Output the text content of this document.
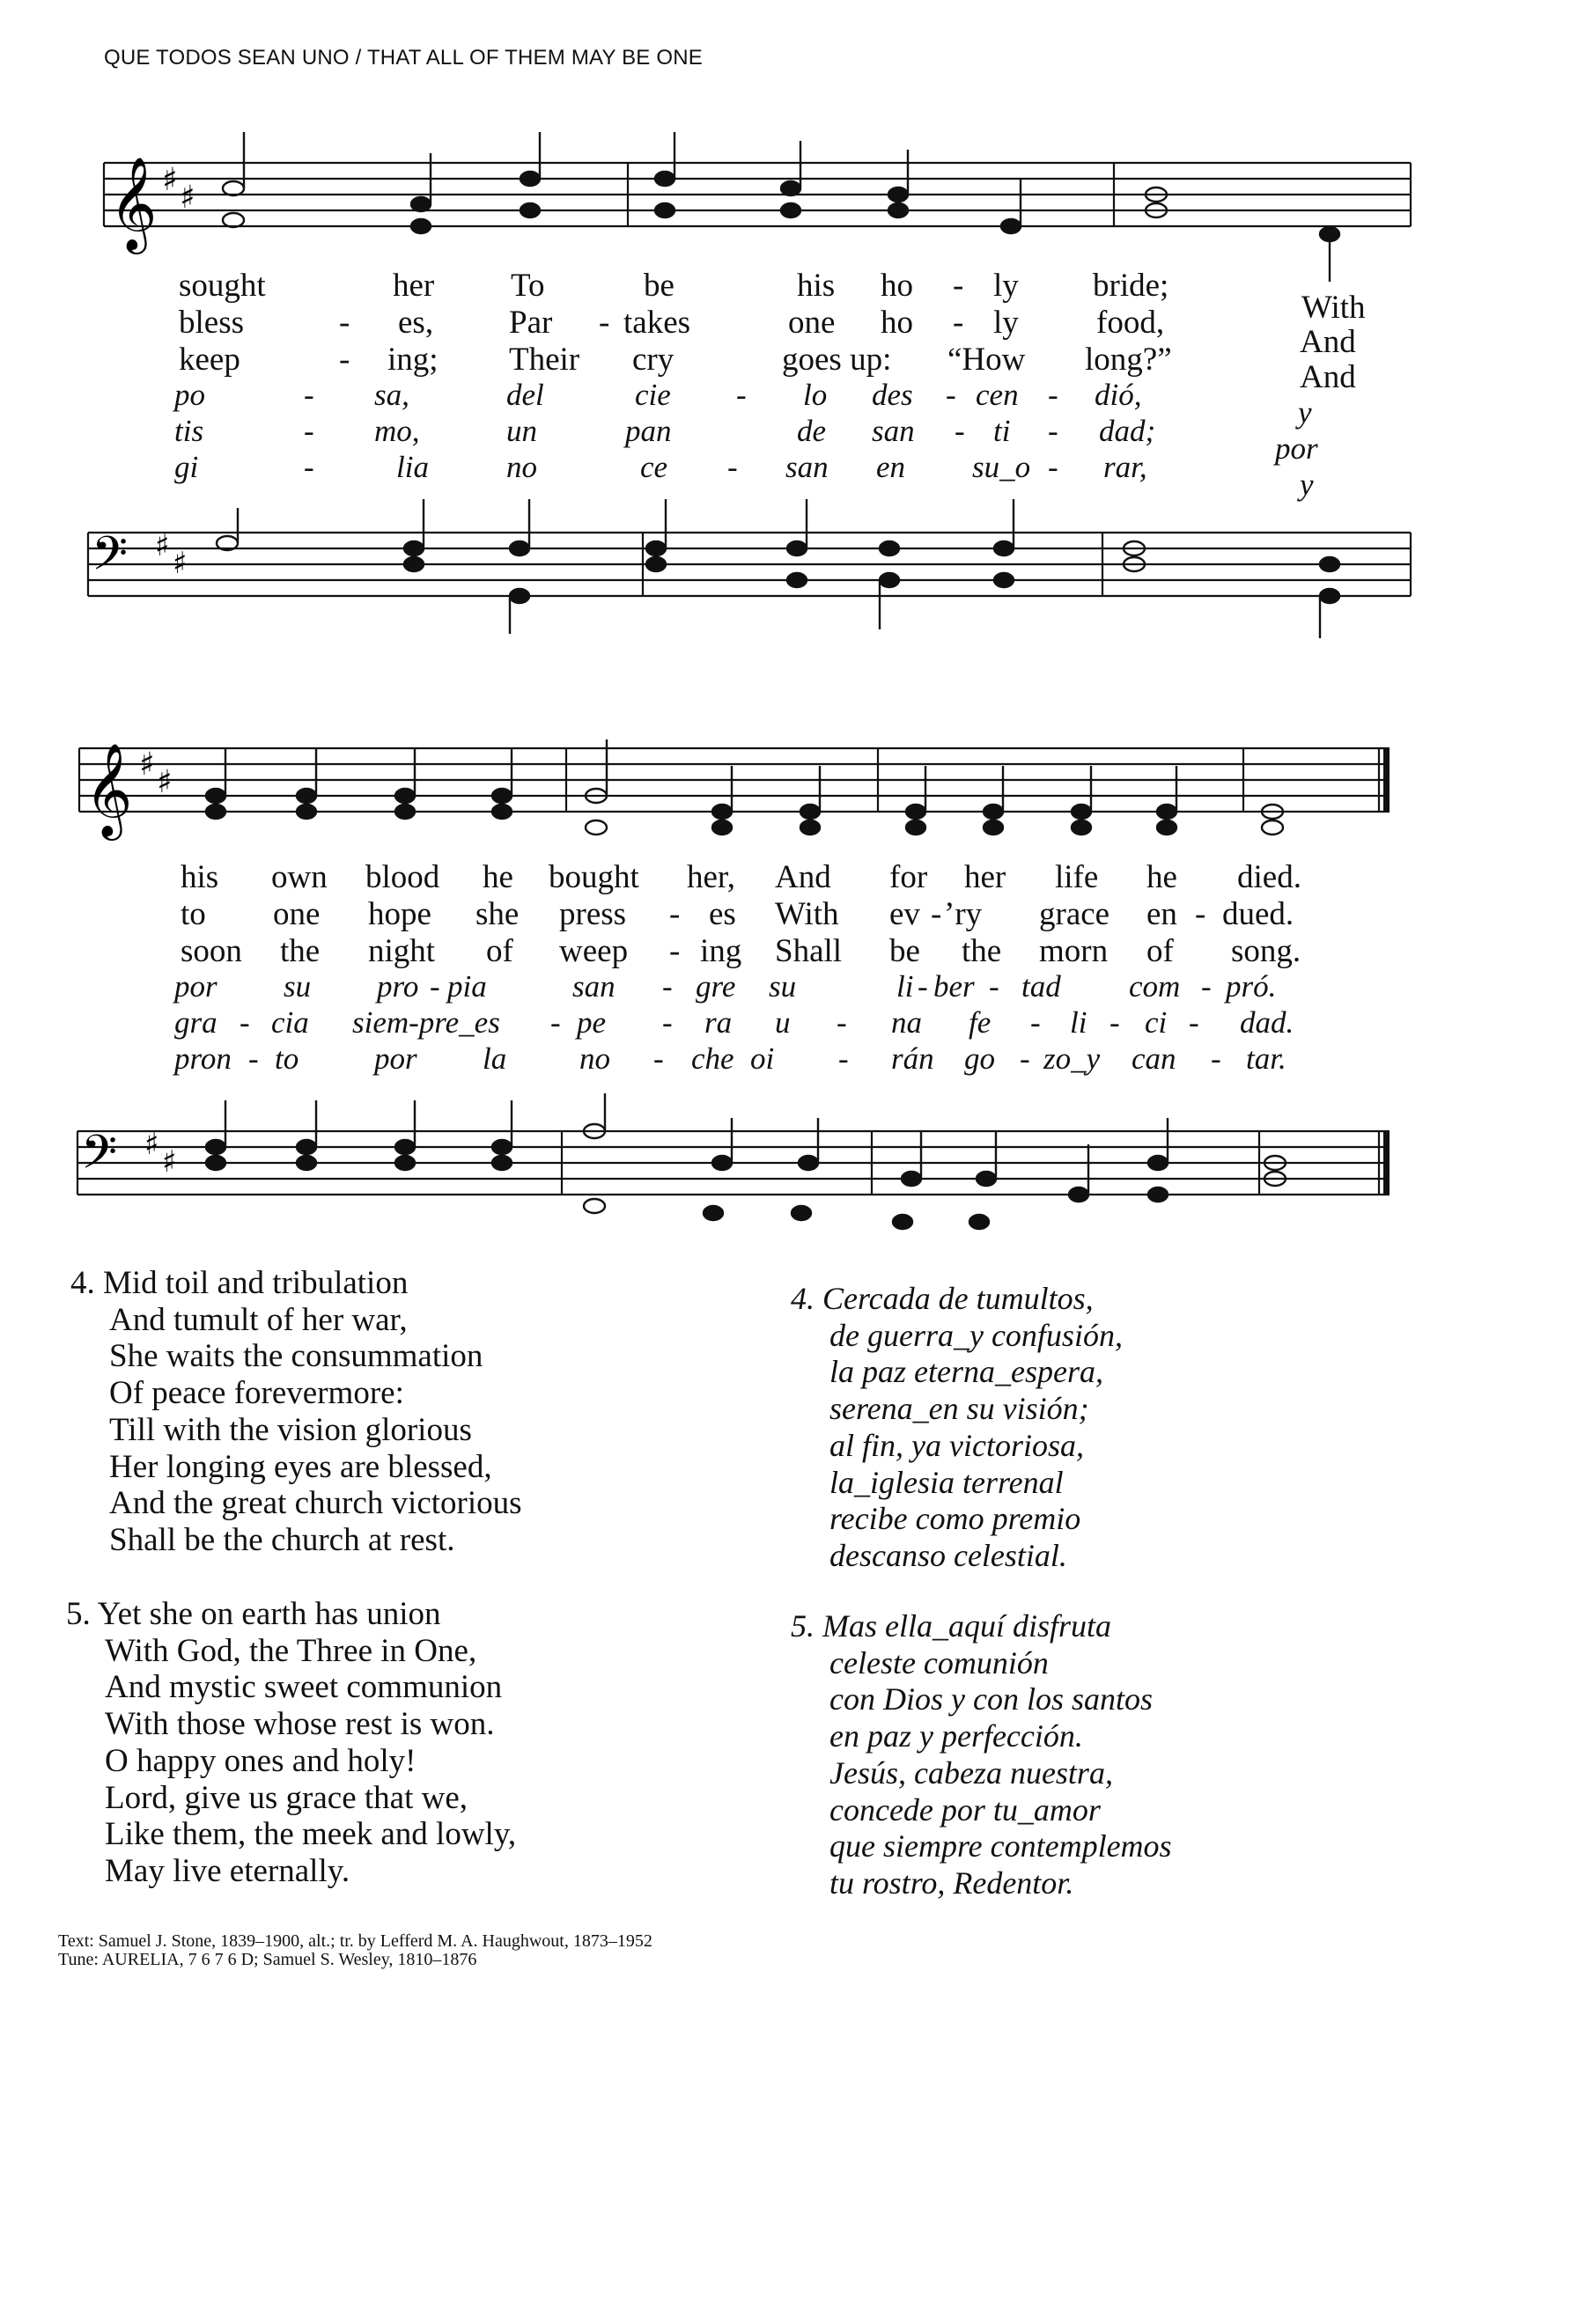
QUE TODOS SEAN UNO / THAT ALL OF THEM MAY BE ONE
𝄞 ♯ ♯
sought	her To	be	his ho - ly bride;
With
bless	- es, Par - takes	one ho - ly food,
And
keep	- ing; Their cry	goes up: “How long?”	And
po	- sa,	del	cie - lo des - cen - dió,
y
tis	- mo,	un	pan	de san - ti - dad;
por
gi	-	lia	no	ce - san en su_o - rar,
y
𝄢 ♯ ♯
𝄞 ♯ ♯
his own blood he bought her, And for her life he died.
to one hope she press - es With ev - ’ry grace en - dued.
soon the night of weep - ing Shall be the morn of song.
por su pro - pia	san - gre su	li - ber - tad com - pró.
gra - cia siem-pre_es - pe - ra u - na fe - li - ci - dad.
pron - to por la no - che oi - rán go - zo_y can - tar.
𝄢 ♯ ♯
4. Mid toil and tribulation
And tumult of her war,
She waits the consummation
Of peace forevermore:
Till with the vision glorious
Her longing eyes are blessed,
And the great church victorious
Shall be the church at rest.
5. Yet she on earth has union
With God, the Three in One,
And mystic sweet communion
With those whose rest is won.
O happy ones and holy!
Lord, give us grace that we,
Like them, the meek and lowly,
May live eternally.
4. Cercada de tumultos,
de guerra_y confusión,
la paz eterna_espera,
serena_en su visión;
al fin, ya victoriosa,
la_iglesia terrenal
recibe como premio
descanso celestial.
5. Mas ella_aquí disfruta
celeste comunión
con Dios y con los santos
en paz y perfección.
Jesús, cabeza nuestra,
concede por tu_amor
que siempre contemplemos
tu rostro, Redentor.
Text: Samuel J. Stone, 1839–1900, alt.; tr. by Lefferd M. A. Haughwout, 1873–1952
Tune: AURELIA, 7 6 7 6 D; Samuel S. Wesley, 1810–1876
